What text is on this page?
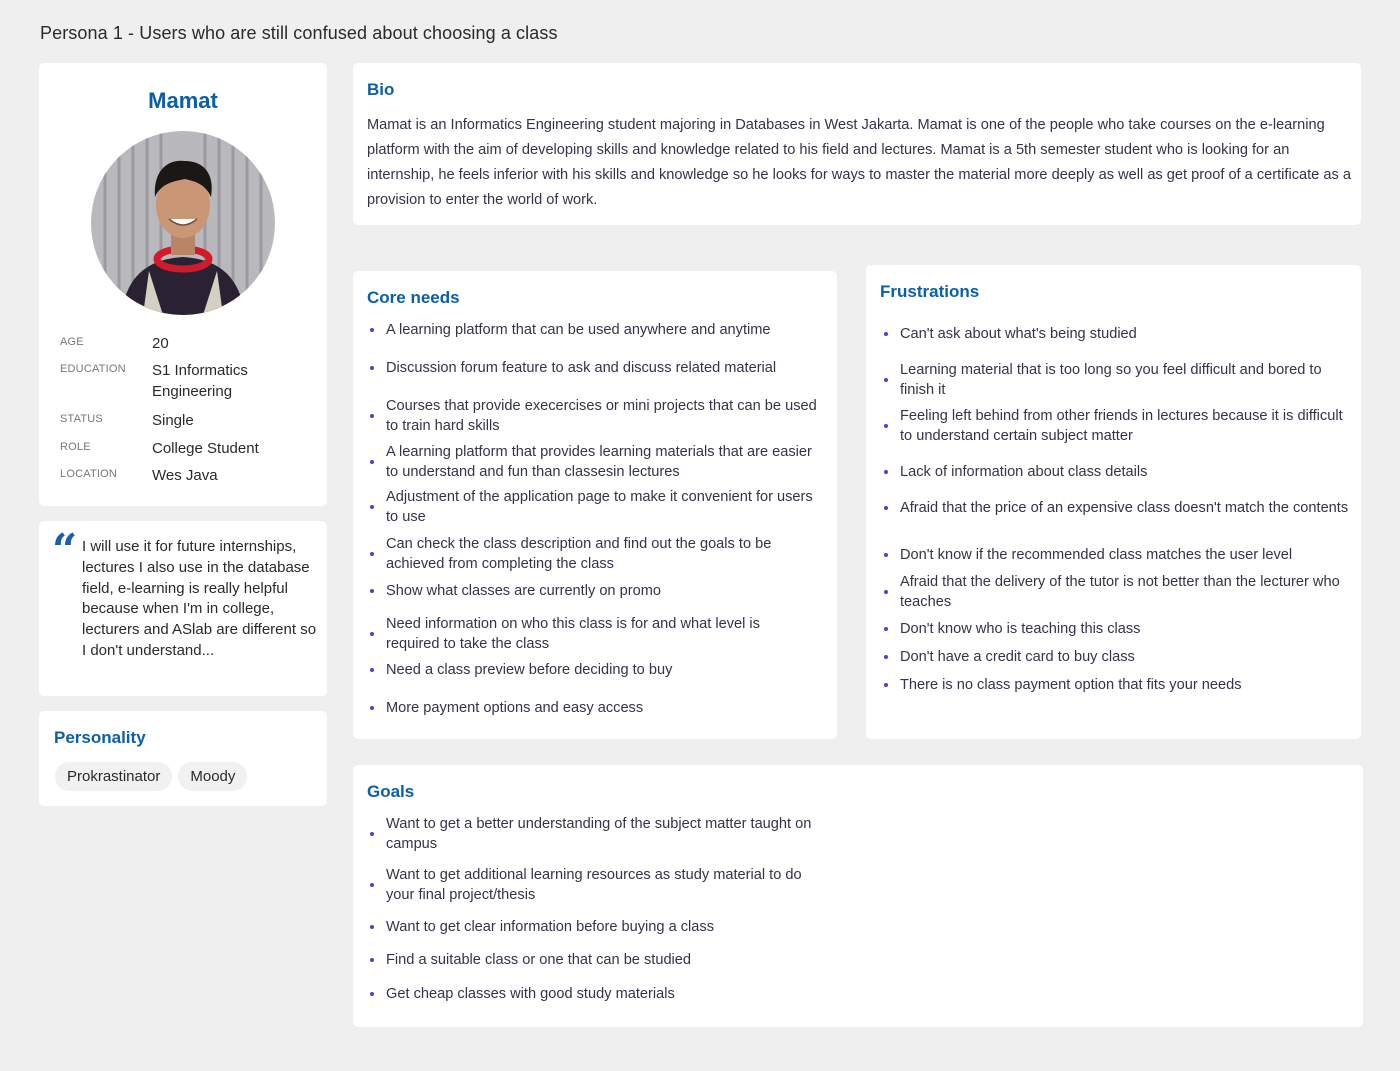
Persona 1 - Users who are still confused about choosing a class
Mamat
AGE	20
EDUCATION	S1 Informatics Engineering
STATUS	Single
ROLE	College Student
LOCATION	Wes Java
“ I will use it for future internships, lectures I also use in the database field, e-learning is really helpful because when I'm in college, lecturers and ASlab are different so I don't understand...
Personality
Prokrastinator	Moody
Bio

Mamat is an Informatics Engineering student majoring in Databases in West Jakarta. Mamat is one of the people who take courses on the e-learning platform with the aim of developing skills and knowledge related to his field and lectures. Mamat is a 5th semester student who is looking for an internship, he feels inferior with his skills and knowledge so he looks for ways to master the material more deeply as well as get proof of a certificate as a provision to enter the world of work.

Core needs
A learning platform that can be used anywhere and anytime
Discussion forum feature to ask and discuss related material
Courses that provide execercises or mini projects that can be used to train hard skills
A learning platform that provides learning materials that are easier to understand and fun than classesin lectures
Adjustment of the application page to make it convenient for users to use
Can check the class description and find out the goals to be achieved from completing the class
Show what classes are currently on promo
Need information on who this class is for and what level is required to take the class
Need a class preview before deciding to buy
More payment options and easy access
Frustrations
Can't ask about what's being studied
Learning material that is too long so you feel difficult and bored to finish it
Feeling left behind from other friends in lectures because it is difficult to understand certain subject matter
Lack of information about class details
Afraid that the price of an expensive class doesn't match the contents
Don't know if the recommended class matches the user level
Afraid that the delivery of the tutor is not better than the lecturer who teaches
Don't know who is teaching this class
Don't have a credit card to buy class
There is no class payment option that fits your needs
Goals
Want to get a better understanding of the subject matter taught on campus
Want to get additional learning resources as study material to do your final project/thesis
Want to get clear information before buying a class
Find a suitable class or one that can be studied
Get cheap classes with good study materials
